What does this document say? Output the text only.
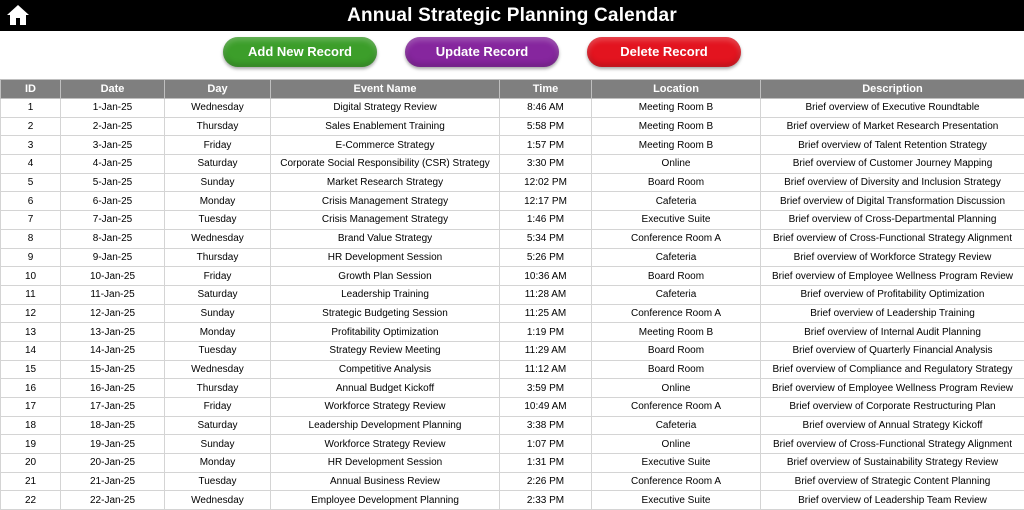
Annual Strategic Planning Calendar
Add New Record	Update Record	Delete Record
ID	Date	Day	Event Name	Time	Location	Description
1	1-Jan-25	Wednesday	Digital Strategy Review	8:46 AM	Meeting Room B	Brief overview of Executive Roundtable
2	2-Jan-25	Thursday	Sales Enablement Training	5:58 PM	Meeting Room B	Brief overview of Market Research Presentation
3	3-Jan-25	Friday	E-Commerce Strategy	1:57 PM	Meeting Room B	Brief overview of Talent Retention Strategy
4	4-Jan-25	Saturday	Corporate Social Responsibility (CSR) Strategy	3:30 PM	Online	Brief overview of Customer Journey Mapping
5	5-Jan-25	Sunday	Market Research Strategy	12:02 PM	Board Room	Brief overview of Diversity and Inclusion Strategy
6	6-Jan-25	Monday	Crisis Management Strategy	12:17 PM	Cafeteria	Brief overview of Digital Transformation Discussion
7	7-Jan-25	Tuesday	Crisis Management Strategy	1:46 PM	Executive Suite	Brief overview of Cross-Departmental Planning
8	8-Jan-25	Wednesday	Brand Value Strategy	5:34 PM	Conference Room A	Brief overview of Cross-Functional Strategy Alignment
9	9-Jan-25	Thursday	HR Development Session	5:26 PM	Cafeteria	Brief overview of Workforce Strategy Review
10	10-Jan-25	Friday	Growth Plan Session	10:36 AM	Board Room	Brief overview of Employee Wellness Program Review
11	11-Jan-25	Saturday	Leadership Training	11:28 AM	Cafeteria	Brief overview of Profitability Optimization
12	12-Jan-25	Sunday	Strategic Budgeting Session	11:25 AM	Conference Room A	Brief overview of Leadership Training
13	13-Jan-25	Monday	Profitability Optimization	1:19 PM	Meeting Room B	Brief overview of Internal Audit Planning
14	14-Jan-25	Tuesday	Strategy Review Meeting	11:29 AM	Board Room	Brief overview of Quarterly Financial Analysis
15	15-Jan-25	Wednesday	Competitive Analysis	11:12 AM	Board Room	Brief overview of Compliance and Regulatory Strategy
16	16-Jan-25	Thursday	Annual Budget Kickoff	3:59 PM	Online	Brief overview of Employee Wellness Program Review
17	17-Jan-25	Friday	Workforce Strategy Review	10:49 AM	Conference Room A	Brief overview of Corporate Restructuring Plan
18	18-Jan-25	Saturday	Leadership Development Planning	3:38 PM	Cafeteria	Brief overview of Annual Strategy Kickoff
19	19-Jan-25	Sunday	Workforce Strategy Review	1:07 PM	Online	Brief overview of Cross-Functional Strategy Alignment
20	20-Jan-25	Monday	HR Development Session	1:31 PM	Executive Suite	Brief overview of Sustainability Strategy Review
21	21-Jan-25	Tuesday	Annual Business Review	2:26 PM	Conference Room A	Brief overview of Strategic Content Planning
22	22-Jan-25	Wednesday	Employee Development Planning	2:33 PM	Executive Suite	Brief overview of Leadership Team Review
